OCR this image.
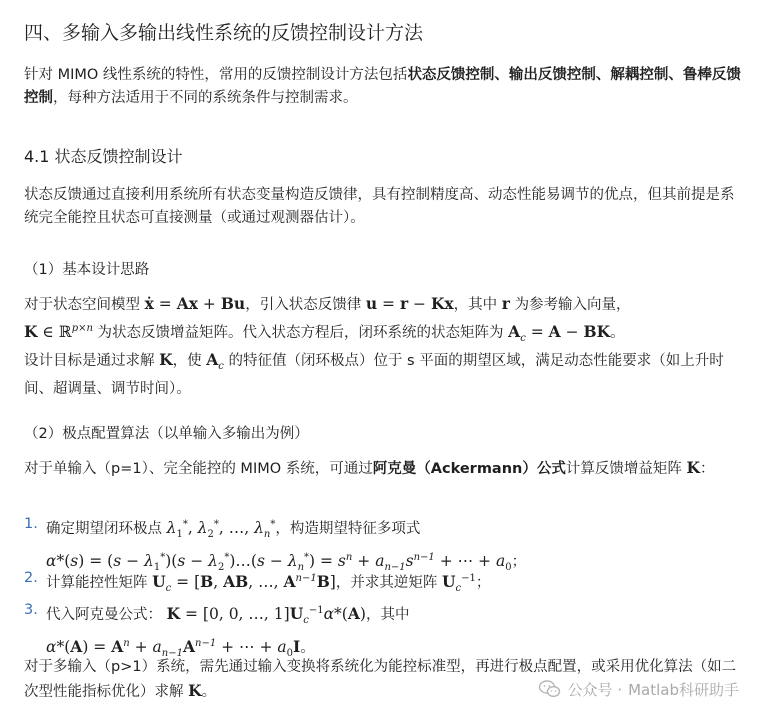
四、多输入多输出线性系统的反馈控制设计方法
针对 MIMO 线性系统的特性，常用的反馈控制设计方法包括状态反馈控制、输出反馈控制、解耦控制、鲁棒反馈控制，每种方法适用于不同的系统条件与控制需求。
4.1 状态反馈控制设计
状态反馈通过直接利用系统所有状态变量构造反馈律，具有控制精度高、动态性能易调节的优点，但其前提是系统完全能控且状态可直接测量（或通过观测器估计）。
（1）基本设计思路
对于状态空间模型 ẋ = Ax + Bu，引入状态反馈律 u = r − Kx，其中 r 为参考输入向量，
K ∈ ℝ$^{p\times n}$ 为状态反馈增益矩阵。代入状态方程后，闭环系统的状态矩阵为 $A_c = A$ − BK。
设计目标是通过求解 K，使 $A_c$ 的特征值（闭环极点）位于 s 平面的期望区域，满足动态性能要求（如上升时间、超调量、调节时间）。
（2）极点配置算法（以单输入多输出为例）
对于单输入（p=1）、完全能控的 MIMO 系统，可通过阿克曼（Ackermann）公式计算反馈增益矩阵 K：
1. 确定期望闭环极点 $\lambda_1^*$, $\lambda_2^*$, …, $\lambda_n^*$，构造期望特征多项式
$\alpha*(s) = (s - \lambda_1^*)(s$ − $\lambda_2^*)\dots(s - \lambda_n^*) = s^n + a_{n-1}s^{n-1}$ + ⋯ + $a_0$；
2. 计算能控性矩阵 $U_c = [B$, AB, …, $A^{n-1}B$]，并求其逆矩阵 $U_c^{-1}$；
3. 代入阿克曼公式： K = [0, 0, …, $1]U_c^{-1}\alpha*(A)$，其中
$\alpha*(A) = A^n + a_{n-1}A^{n-1}$ + ⋯ + $a_0I$。
对于多输入（p>1）系统，需先通过输入变换将系统化为能控标准型，再进行极点配置，或采用优化算法（如二次型性能指标优化）求解 K。	公众号 · Matlab科研助手
